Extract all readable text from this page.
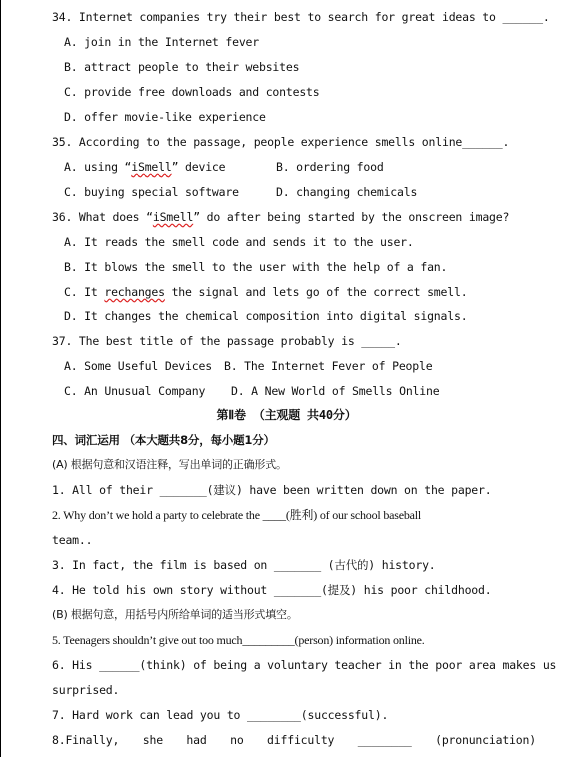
34. Internet companies try their best to search for great ideas to ______.
A. join in the Internet fever
B. attract people to their websites
C. provide free downloads and contests
D. offer movie-like experience
35. According to the passage, people experience smells online______.
A. using “iSmell” device	B. ordering food
C. buying special software	D. changing chemicals
36. What does “iSmell” do after being started by the onscreen image?
A. It reads the smell code and sends it to the user.
B. It blows the smell to the user with the help of a fan.
C. It rechanges the signal and lets go of the correct smell.
D. It changes the chemical composition into digital signals.
37. The best title of the passage probably is _____.
A. Some Useful Devices B. The Internet Fever of People
C. An Unusual Company D. A New World of Smells Online
第Ⅱ卷 （主观题 共40分）
四、词汇运用 （本大题共8分，每小题1分）
(A) 根据句意和汉语注释，写出单词的正确形式。
1. All of their _______(建议) have been written down on the paper.
2. Why don’t we hold a party to celebrate the ____(胜利) of our school baseball
team..
3. In fact, the film is based on _______ (古代的) history.
4. He told his own story without _______(提及) his poor childhood.
(B) 根据句意，用括号内所给单词的适当形式填空。
5. Teenagers shouldn’t give out too much_________(person) information online.
6. His ______(think) of being a voluntary teacher in the poor area makes us
surprised.
7. Hard work can lead you to ________(successful).
8.Finally, she had no difficulty ________ (pronunciation)
